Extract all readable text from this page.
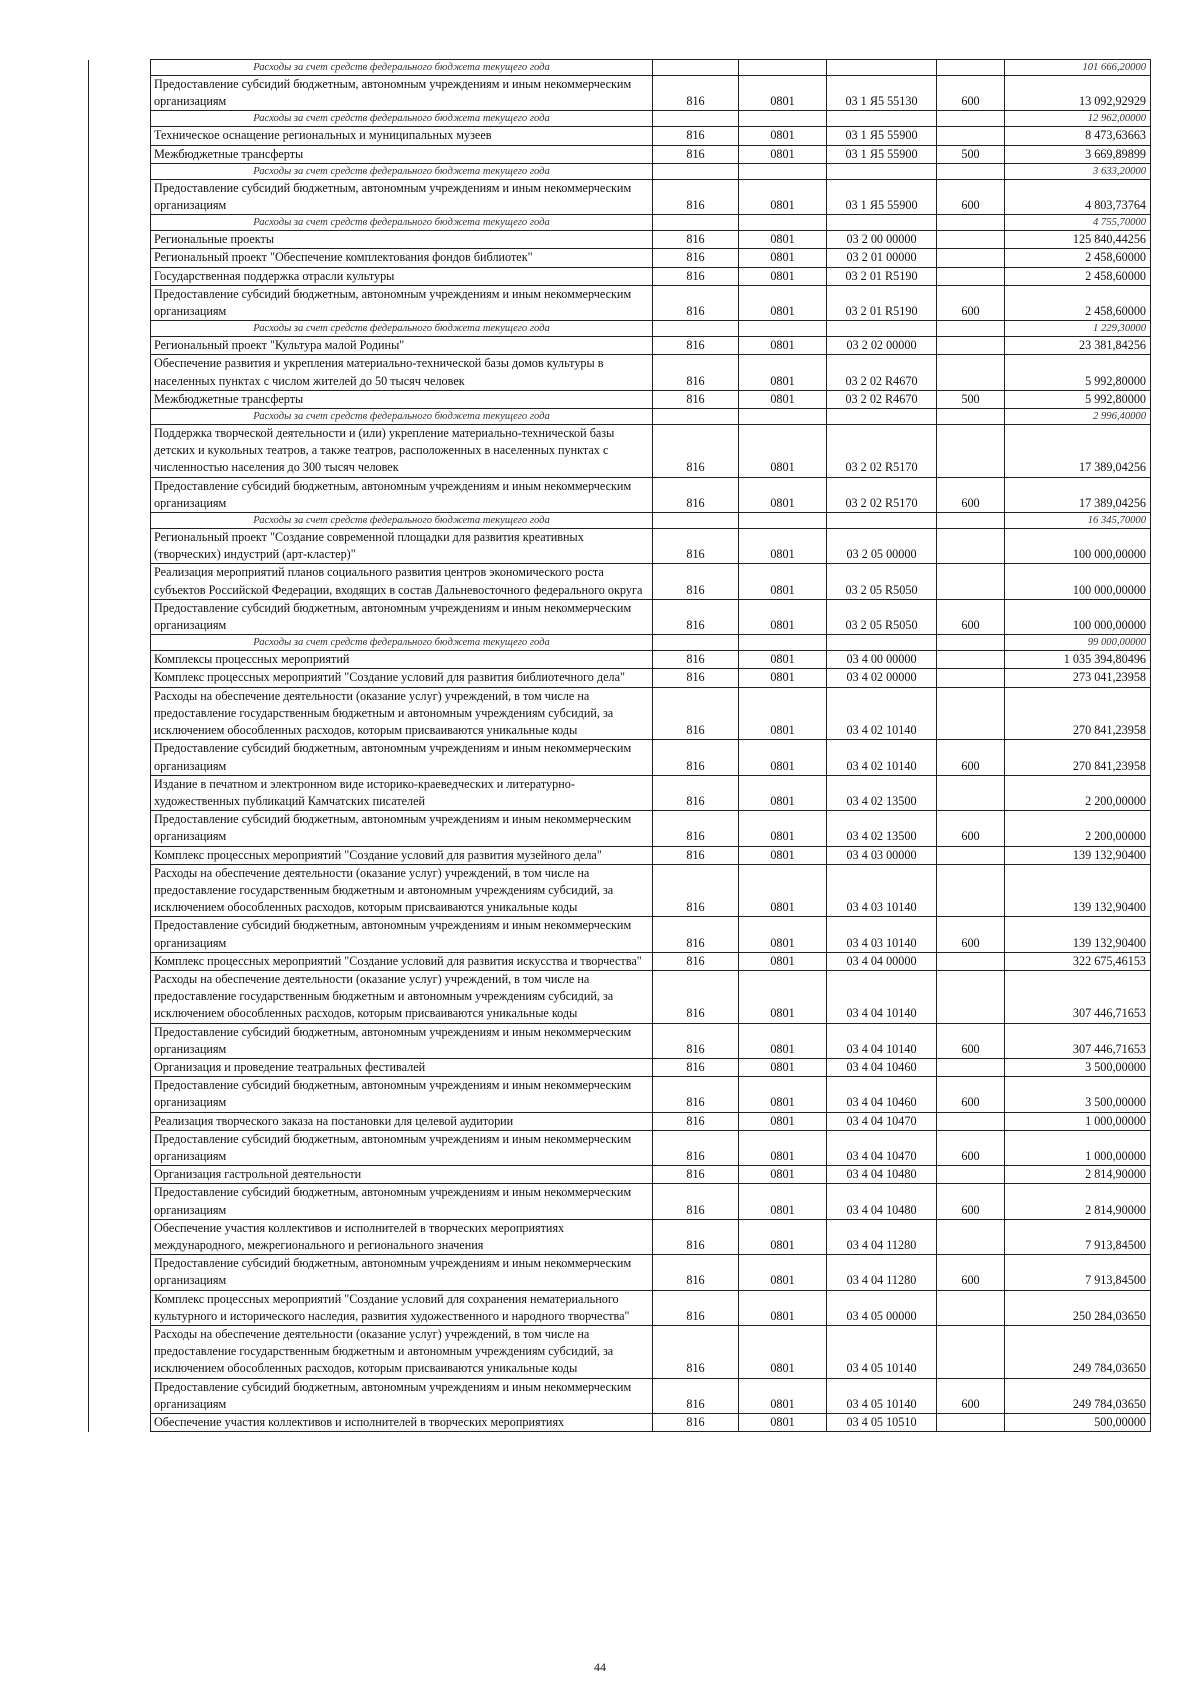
	Расходы за счет средств федерального бюджета текущего года					101 666,20000
	Предоставление субсидий бюджетным, автономным учреждениям и иным некоммерческим организациям	816	0801	03 1 Я5 55130	600	13 092,92929
	Расходы за счет средств федерального бюджета текущего года					12 962,00000
	Техническое оснащение региональных и муниципальных музеев	816	0801	03 1 Я5 55900		8 473,63663
	Межбюджетные трансферты	816	0801	03 1 Я5 55900	500	3 669,89899
	Расходы за счет средств федерального бюджета текущего года					3 633,20000
	Предоставление субсидий бюджетным, автономным учреждениям и иным некоммерческим организациям	816	0801	03 1 Я5 55900	600	4 803,73764
	Расходы за счет средств федерального бюджета текущего года					4 755,70000
	Региональные проекты	816	0801	03 2 00 00000		125 840,44256
	Региональный проект "Обеспечение комплектования фондов библиотек"	816	0801	03 2 01 00000		2 458,60000
	Государственная поддержка отрасли культуры	816	0801	03 2 01 R5190		2 458,60000
	Предоставление субсидий бюджетным, автономным учреждениям и иным некоммерческим организациям	816	0801	03 2 01 R5190	600	2 458,60000
	Расходы за счет средств федерального бюджета текущего года					1 229,30000
	Региональный проект "Культура малой Родины"	816	0801	03 2 02 00000		23 381,84256
	Обеспечение развития и укрепления материально-технической базы домов культуры в населенных пунктах с числом жителей до 50 тысяч человек	816	0801	03 2 02 R4670		5 992,80000
	Межбюджетные трансферты	816	0801	03 2 02 R4670	500	5 992,80000
	Расходы за счет средств федерального бюджета текущего года					2 996,40000
	Поддержка творческой деятельности и (или) укрепление материально-технической базы детских и кукольных театров, а также театров, расположенных в населенных пунктах с численностью населения до 300 тысяч человек	816	0801	03 2 02 R5170		17 389,04256
	Предоставление субсидий бюджетным, автономным учреждениям и иным некоммерческим организациям	816	0801	03 2 02 R5170	600	17 389,04256
	Расходы за счет средств федерального бюджета текущего года					16 345,70000
	Региональный проект "Создание современной площадки для развития креативных (творческих) индустрий (арт-кластер)"	816	0801	03 2 05 00000		100 000,00000
	Реализация мероприятий планов социального развития центров экономического роста субъектов Российской Федерации, входящих в состав Дальневосточного федерального округа	816	0801	03 2 05 R5050		100 000,00000
	Предоставление субсидий бюджетным, автономным учреждениям и иным некоммерческим организациям	816	0801	03 2 05 R5050	600	100 000,00000
	Расходы за счет средств федерального бюджета текущего года					99 000,00000
	Комплексы процессных мероприятий	816	0801	03 4 00 00000		1 035 394,80496
	Комплекс процессных мероприятий "Создание условий для развития библиотечного дела"	816	0801	03 4 02 00000		273 041,23958
	Расходы на обеспечение деятельности (оказание услуг) учреждений, в том числе на предоставление государственным бюджетным и автономным учреждениям субсидий, за исключением обособленных расходов, которым присваиваются уникальные коды	816	0801	03 4 02 10140		270 841,23958
	Предоставление субсидий бюджетным, автономным учреждениям и иным некоммерческим организациям	816	0801	03 4 02 10140	600	270 841,23958
	Издание в печатном и электронном виде историко-краеведческих и литературно-художественных публикаций Камчатских писателей	816	0801	03 4 02 13500		2 200,00000
	Предоставление субсидий бюджетным, автономным учреждениям и иным некоммерческим организациям	816	0801	03 4 02 13500	600	2 200,00000
	Комплекс процессных мероприятий "Создание условий для развития музейного дела"	816	0801	03 4 03 00000		139 132,90400
	Расходы на обеспечение деятельности (оказание услуг) учреждений, в том числе на предоставление государственным бюджетным и автономным учреждениям субсидий, за исключением обособленных расходов, которым присваиваются уникальные коды	816	0801	03 4 03 10140		139 132,90400
	Предоставление субсидий бюджетным, автономным учреждениям и иным некоммерческим организациям	816	0801	03 4 03 10140	600	139 132,90400
	Комплекс процессных мероприятий "Создание условий для развития искусства и творчества"	816	0801	03 4 04 00000		322 675,46153
	Расходы на обеспечение деятельности (оказание услуг) учреждений, в том числе на предоставление государственным бюджетным и автономным учреждениям субсидий, за исключением обособленных расходов, которым присваиваются уникальные коды	816	0801	03 4 04 10140		307 446,71653
	Предоставление субсидий бюджетным, автономным учреждениям и иным некоммерческим организациям	816	0801	03 4 04 10140	600	307 446,71653
	Организация и проведение театральных фестивалей	816	0801	03 4 04 10460		3 500,00000
	Предоставление субсидий бюджетным, автономным учреждениям и иным некоммерческим организациям	816	0801	03 4 04 10460	600	3 500,00000
	Реализация творческого заказа на постановки для целевой аудитории	816	0801	03 4 04 10470		1 000,00000
	Предоставление субсидий бюджетным, автономным учреждениям и иным некоммерческим организациям	816	0801	03 4 04 10470	600	1 000,00000
	Организация гастрольной деятельности	816	0801	03 4 04 10480		2 814,90000
	Предоставление субсидий бюджетным, автономным учреждениям и иным некоммерческим организациям	816	0801	03 4 04 10480	600	2 814,90000
	Обеспечение участия коллективов и исполнителей в творческих мероприятиях международного, межрегионального и регионального значения	816	0801	03 4 04 11280		7 913,84500
	Предоставление субсидий бюджетным, автономным учреждениям и иным некоммерческим организациям	816	0801	03 4 04 11280	600	7 913,84500
	Комплекс процессных мероприятий "Создание условий для сохранения нематериального культурного и исторического наследия, развития художественного и народного творчества"	816	0801	03 4 05 00000		250 284,03650
	Расходы на обеспечение деятельности (оказание услуг) учреждений, в том числе на предоставление государственным бюджетным и автономным учреждениям субсидий, за исключением обособленных расходов, которым присваиваются уникальные коды	816	0801	03 4 05 10140		249 784,03650
	Предоставление субсидий бюджетным, автономным учреждениям и иным некоммерческим организациям	816	0801	03 4 05 10140	600	249 784,03650
	Обеспечение участия коллективов и исполнителей в творческих мероприятиях	816	0801	03 4 05 10510		500,00000
44
